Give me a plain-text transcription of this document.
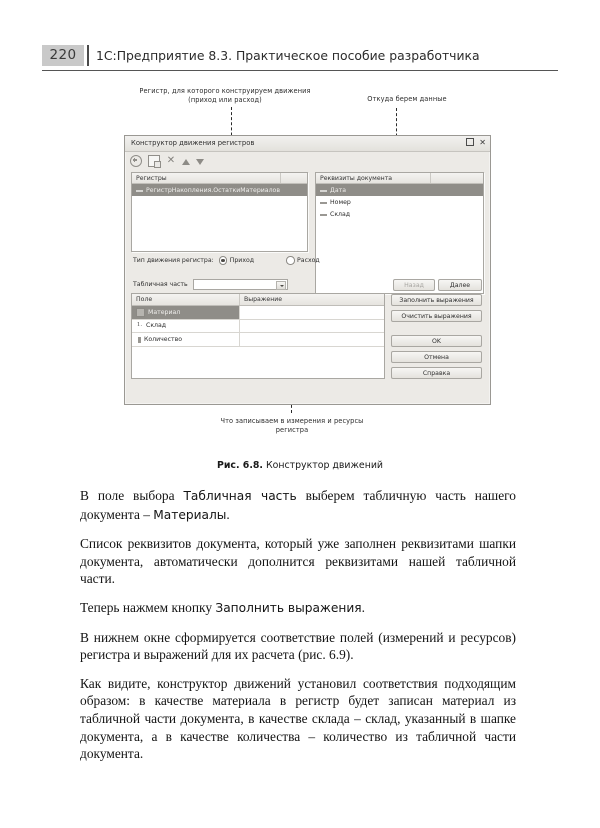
220	1С:Предприятие 8.3. Практическое пособие разработчика
Регистр, для которого конструируем движения (приход или расход)	Откуда берем данные
Что записываем в измерения и ресурсы регистра
Конструктор движения регистров	✕
✕
Регистры
РегистрНакопления.ОстаткиМатериалов
Реквизиты документа
Дата
Номер
Склад
Тип движения регистра:	Приход	Расход
Табличная часть
Поле	Выражение
Материал
1. Склад
Количество
Назад	Далее
Заполнить выражения
Очистить выражения
OK
Отмена
Справка
Рис. 6.8. Конструктор движений

В поле выбора Табличная часть выберем табличную часть нашего документа – Материалы.

Список реквизитов документа, который уже заполнен реквизитами шапки документа, автоматически дополнится реквизитами нашей табличной части.

Теперь нажмем кнопку Заполнить выражения.

В нижнем окне сформируется соответствие полей (измерений и ресурсов) регистра и выражений для их расчета (рис. 6.9).

Как видите, конструктор движений установил соответствия подходящим образом: в качестве материала в регистр будет записан материал из табличной части документа, в качестве склада – склад, указанный в шапке документа, а в качестве количества – количество из табличной части документа.
